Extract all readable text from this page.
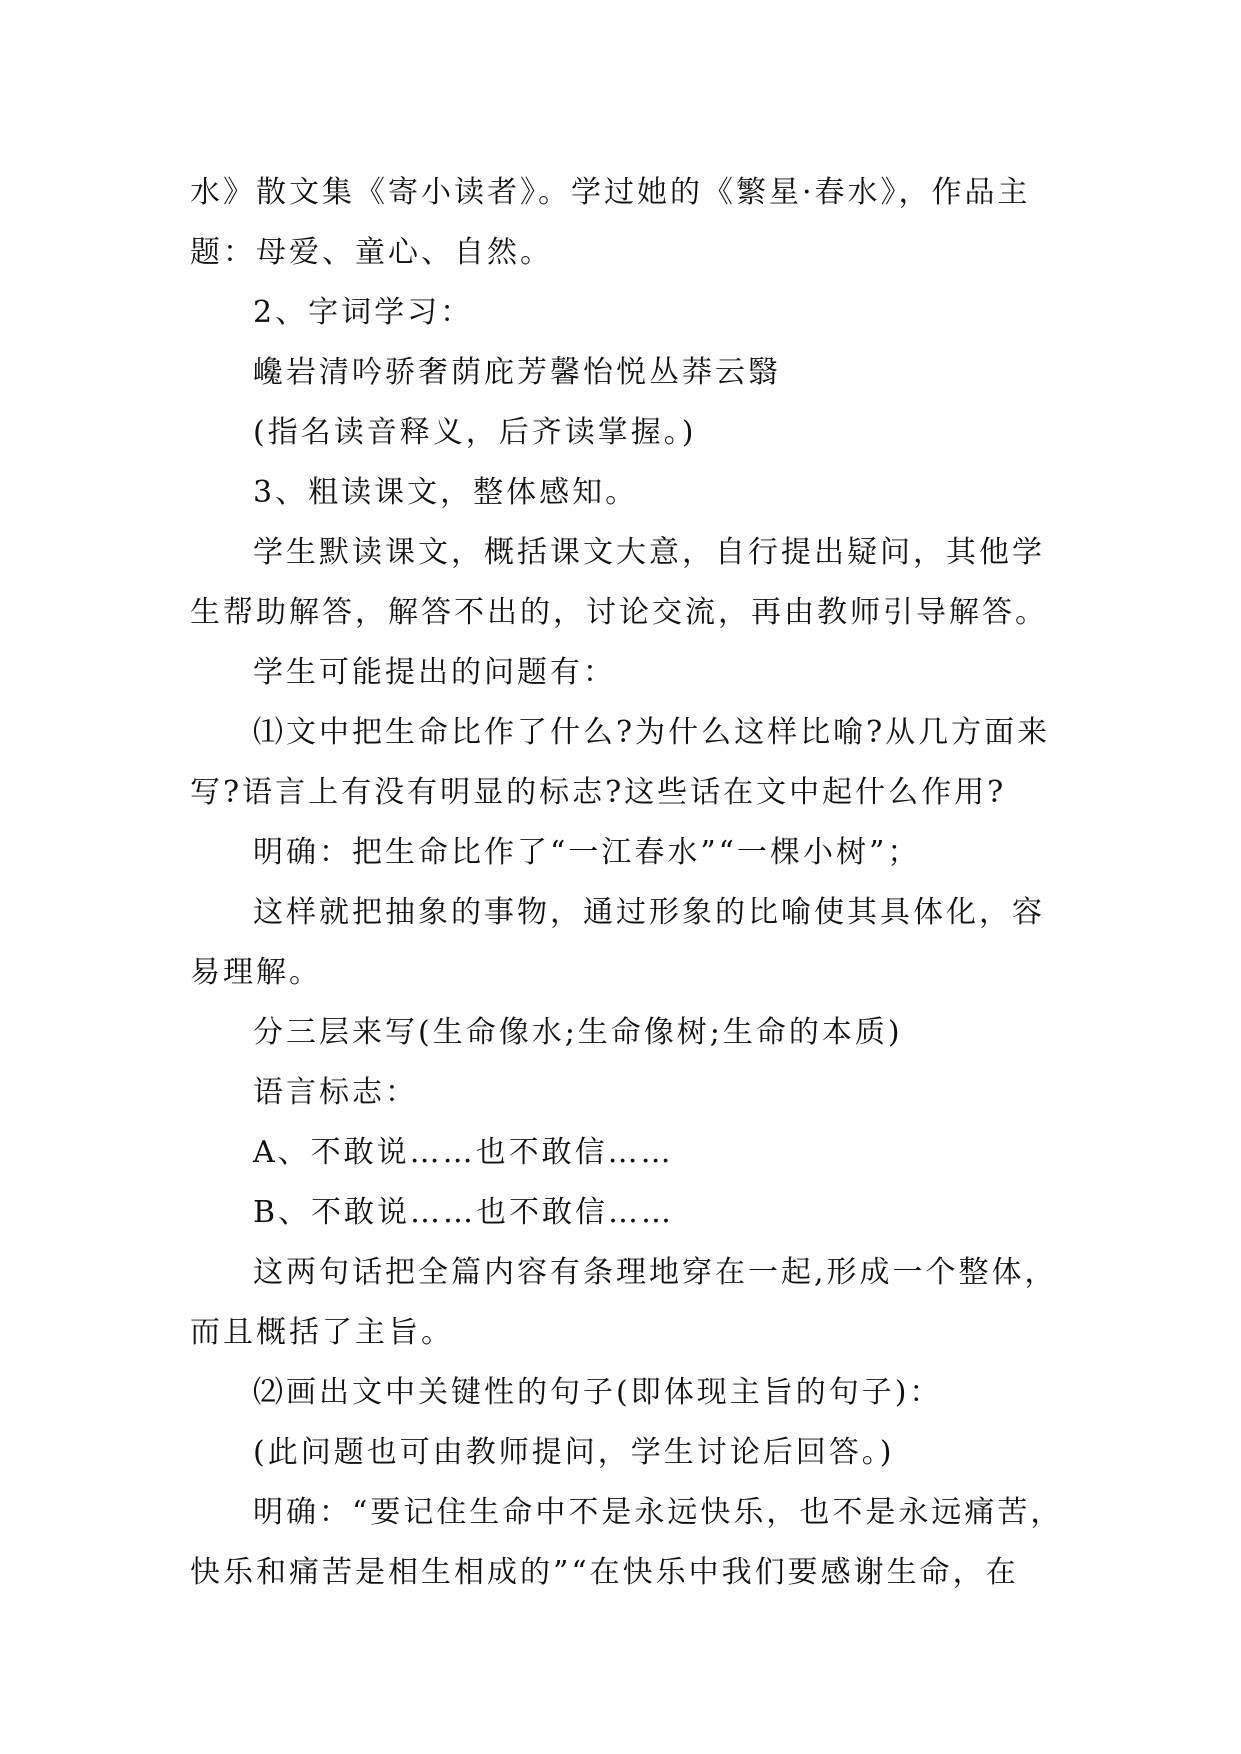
水》散文集《寄小读者》。学过她的《繁星·春水》，作品主
题：母爱、童心、自然。
2、字词学习：
巉岩清吟骄奢荫庇芳馨怡悦丛莽云翳
(指名读音释义，后齐读掌握。)
3、粗读课文，整体感知。
学生默读课文，概括课文大意，自行提出疑问，其他学
生帮助解答，解答不出的，讨论交流，再由教师引导解答。
学生可能提出的问题有：
⑴文中把生命比作了什么?为什么这样比喻?从几方面来
写?语言上有没有明显的标志?这些话在文中起什么作用?
明确：把生命比作了“一江春水”“一棵小树”；
这样就把抽象的事物，通过形象的比喻使其具体化，容
易理解。
分三层来写(生命像水;生命像树;生命的本质)
语言标志：
A、不敢说……也不敢信……
B、不敢说……也不敢信……
这两句话把全篇内容有条理地穿在一起,形成一个整体，
而且概括了主旨。
⑵画出文中关键性的句子(即体现主旨的句子)：
(此问题也可由教师提问，学生讨论后回答。)
明确：“要记住生命中不是永远快乐，也不是永远痛苦，
快乐和痛苦是相生相成的”“在快乐中我们要感谢生命，在
